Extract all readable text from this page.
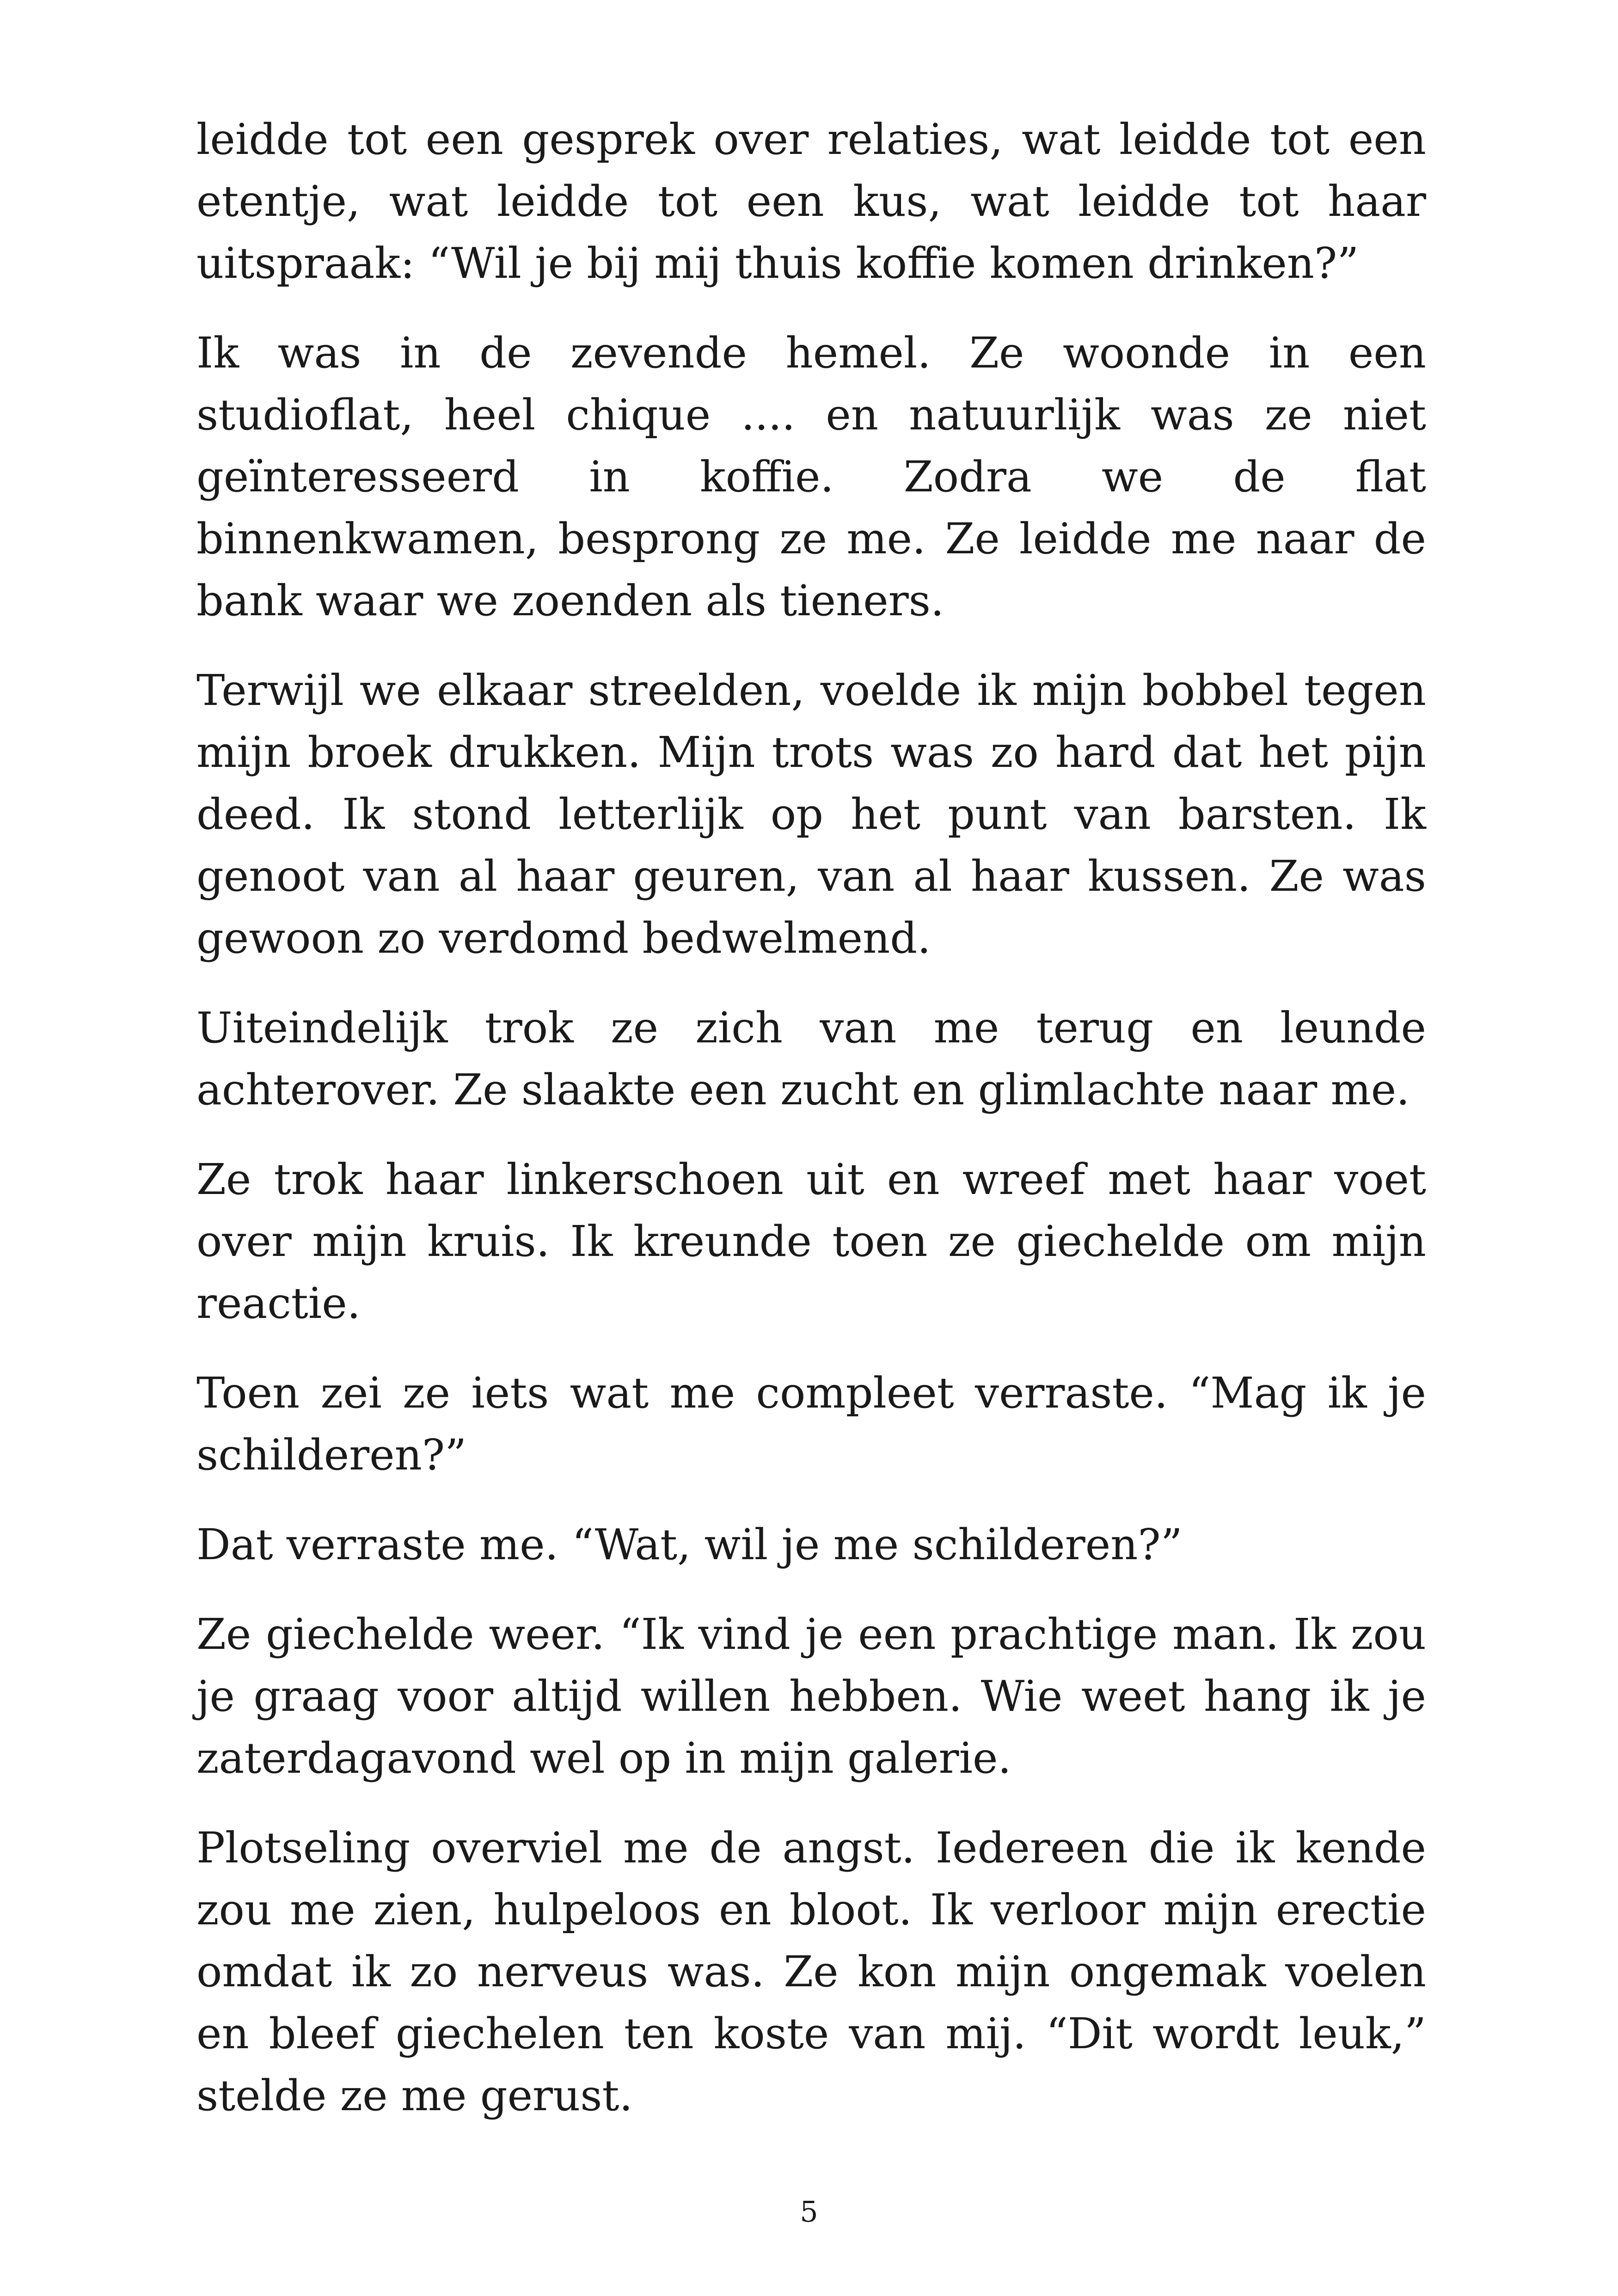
leidde tot een gesprek over relaties, wat leidde tot een etentje, wat leidde tot een kus, wat leidde tot haar uitspraak: “Wil je bij mij thuis koffie komen drinken?”

Ik was in de zevende hemel. Ze woonde in een studioflat, heel chique .... en natuurlijk was ze niet geïnteresseerd in koffie. Zodra we de flat binnenkwamen, besprong ze me. Ze leidde me naar de bank waar we zoenden als tieners.

Terwijl we elkaar streelden, voelde ik mijn bobbel tegen mijn broek drukken. Mijn trots was zo hard dat het pijn deed. Ik stond letterlijk op het punt van barsten. Ik genoot van al haar geuren, van al haar kussen. Ze was gewoon zo verdomd bedwelmend.

Uiteindelijk trok ze zich van me terug en leunde achterover. Ze slaakte een zucht en glimlachte naar me.

Ze trok haar linkerschoen uit en wreef met haar voet over mijn kruis. Ik kreunde toen ze giechelde om mijn reactie.

Toen zei ze iets wat me compleet verraste. “Mag ik je schilderen?”

Dat verraste me. “Wat, wil je me schilderen?”

Ze giechelde weer. “Ik vind je een prachtige man. Ik zou je graag voor altijd willen hebben. Wie weet hang ik je zaterdagavond wel op in mijn galerie.

Plotseling overviel me de angst. Iedereen die ik kende zou me zien, hulpeloos en bloot. Ik verloor mijn erectie omdat ik zo nerveus was. Ze kon mijn ongemak voelen en bleef giechelen ten koste van mij. “Dit wordt leuk,” stelde ze me gerust.

5
